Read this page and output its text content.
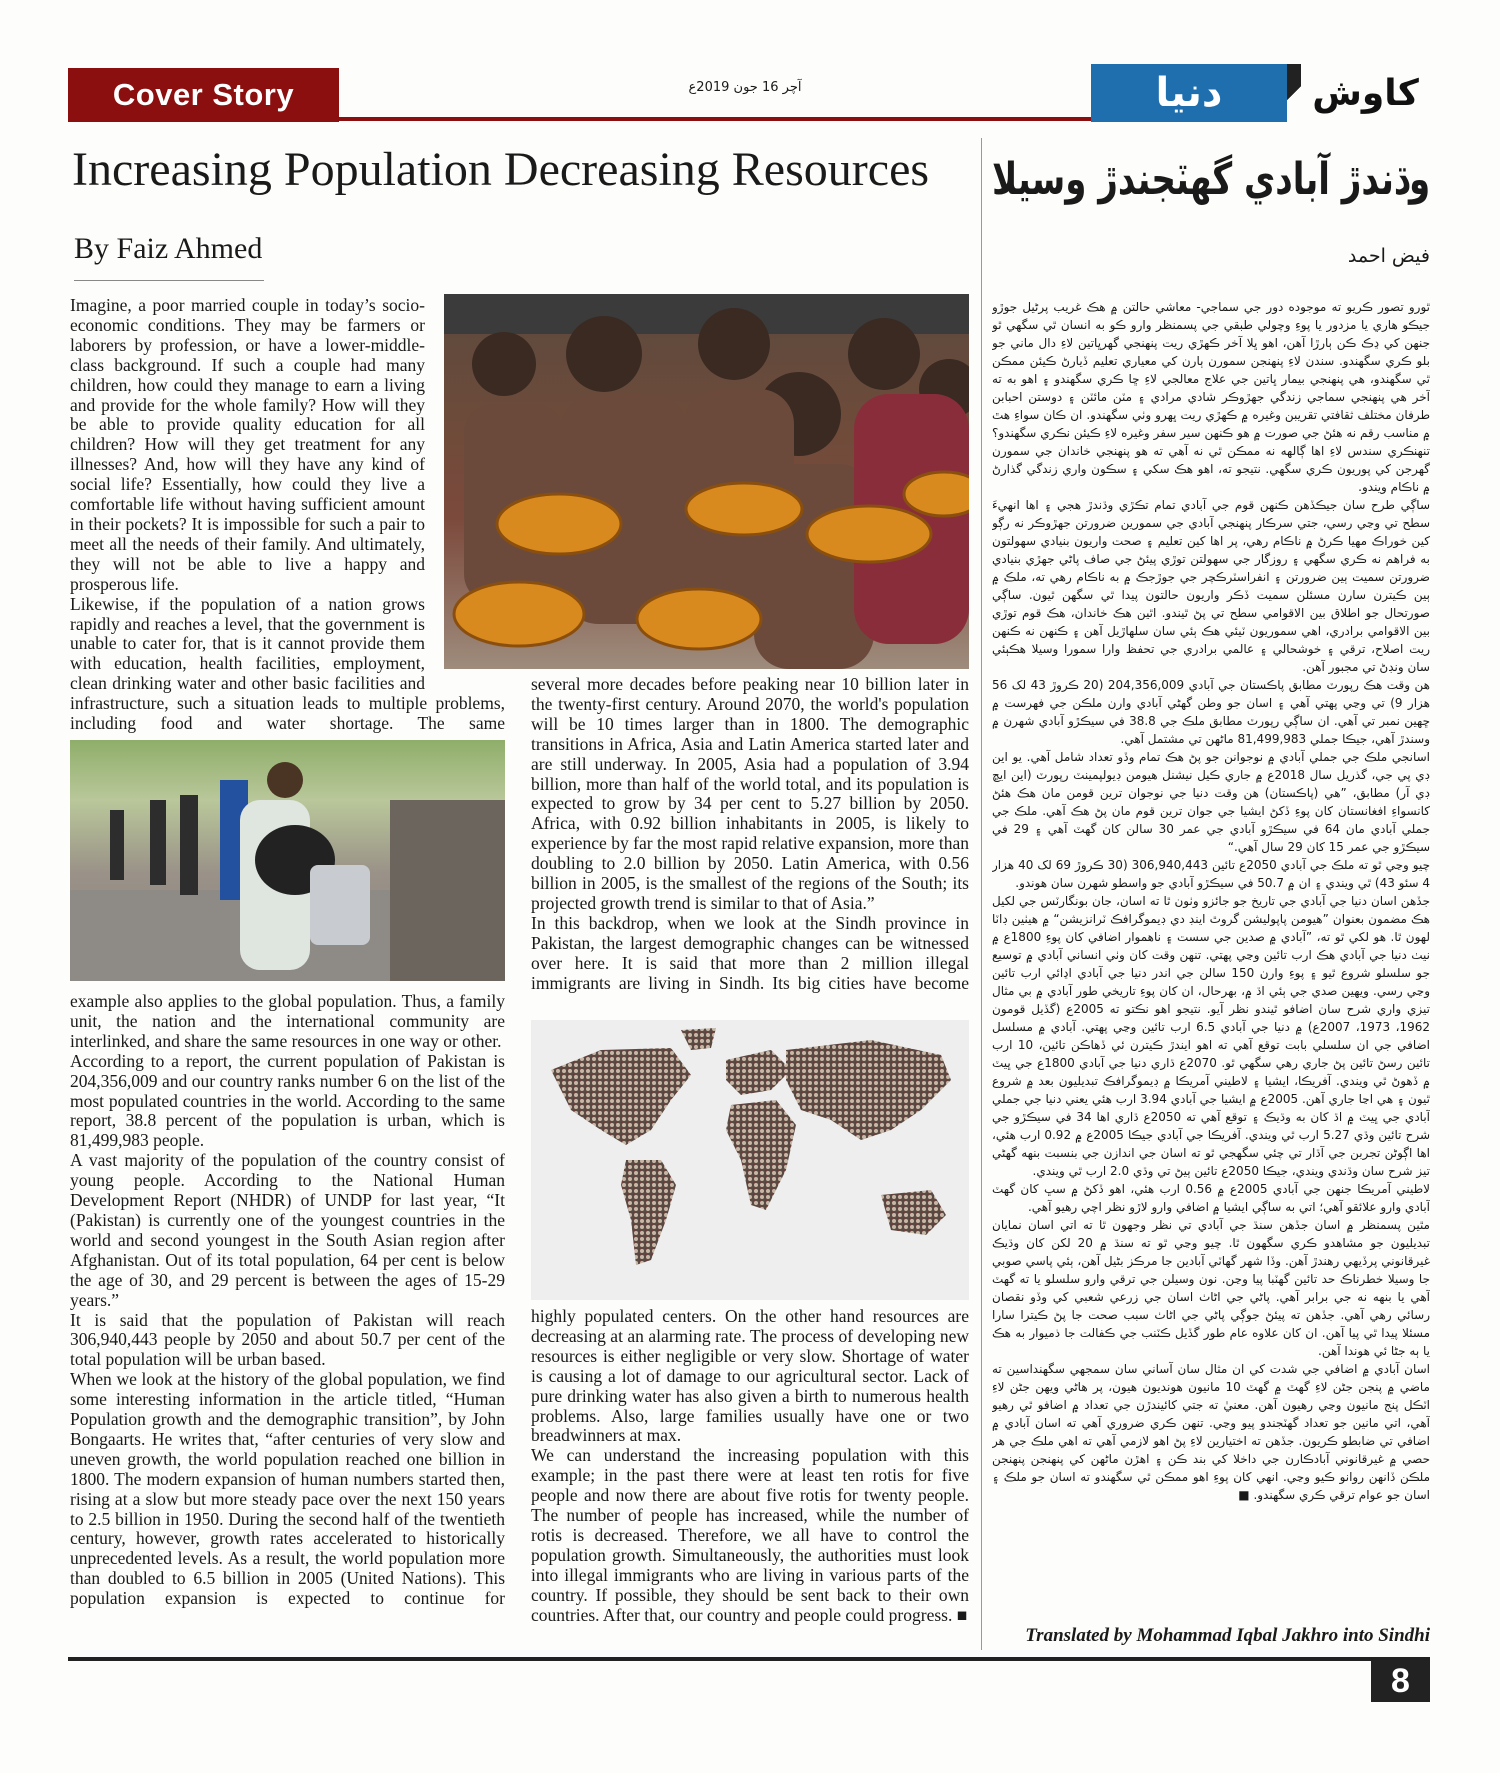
Cover Story	آچر 16 جون 2019ع	دنیا	کاوش
Increasing Population Decreasing Resources
By Faiz Ahmed

Imagine, a poor married couple in today’s socio-economic conditions. They may be farmers or laborers by profession, or have a lower-middle-class background. If such a couple had many children, how could they manage to earn a living and provide for the whole family? How will they be able to provide quality education for all children? How will they get treatment for any illnesses? And, how will they have any kind of social life? Essentially, how could they live a comfortable life without having sufficient amount in their pockets? It is impossible for such a pair to meet all the needs of their family. And ultimately, they will not be able to live a happy and prosperous life.

Likewise, if the population of a nation grows rapidly and reaches a level, that the government is unable to cater for, that is it cannot provide them with education, health facilities, employment, clean drinking water and other basic facilities and infrastructure, such a situation leads to multiple problems, including food and water shortage. The same

example also applies to the global population. Thus, a family unit, the nation and the international community are interlinked, and share the same resources in one way or other.

According to a report, the current population of Pakistan is 204,356,009 and our country ranks number 6 on the list of the most populated countries in the world. According to the same report, 38.8 percent of the population is urban, which is 81,499,983 people.

A vast majority of the population of the country consist of young people. According to the National Human Development Report (NHDR) of UNDP for last year, “It (Pakistan) is currently one of the youngest countries in the world and second youngest in the South Asian region after Afghanistan. Out of its total population, 64 per cent is below the age of 30, and 29 percent is between the ages of 15-29 years.”

It is said that the population of Pakistan will reach 306,940,443 people by 2050 and about 50.7 per cent of the total population will be urban based.

When we look at the history of the global population, we find some interesting information in the article titled, “Human Population growth and the demographic transition”, by John Bongaarts. He writes that, “after centuries of very slow and uneven growth, the world population reached one billion in 1800. The modern expansion of human numbers started then, rising at a slow but more steady pace over the next 150 years to 2.5 billion in 1950. During the second half of the twentieth century, however, growth rates accelerated to historically unprecedented levels. As a result, the world population more than doubled to 6.5 billion in 2005 (United Nations). This population expansion is expected to continue for

several more decades before peaking near 10 billion later in the twenty-first century. Around 2070, the world's population will be 10 times larger than in 1800. The demographic transitions in Africa, Asia and Latin America started later and are still underway. In 2005, Asia had a population of 3.94 billion, more than half of the world total, and its population is expected to grow by 34 per cent to 5.27 billion by 2050. Africa, with 0.92 billion inhabitants in 2005, is likely to experience by far the most rapid relative expansion, more than doubling to 2.0 billion by 2050. Latin America, with 0.56 billion in 2005, is the smallest of the regions of the South; its projected growth trend is similar to that of Asia.”

In this backdrop, when we look at the Sindh province in Pakistan, the largest demographic changes can be witnessed over here. It is said that more than 2 million illegal immigrants are living in Sindh. Its big cities have become

highly populated centers. On the other hand resources are decreasing at an alarming rate. The process of developing new resources is either negligible or very slow. Shortage of water is causing a lot of damage to our agricultural sector. Lack of pure drinking water has also given a birth to numerous health problems. Also, large families usually have one or two breadwinners at max.

We can understand the increasing population with this example; in the past there were at least ten rotis for five people and now there are about five rotis for twenty people. The number of people has increased, while the number of rotis is decreased. Therefore, we all have to control the population growth. Simultaneously, the authorities must look into illegal immigrants who are living in various parts of the country. If possible, they should be sent back to their own countries. After that, our country and people could progress. ■

وڌندڙ آبادي گھٽجندڙ وسيلا
فيض احمد

ٿورو تصور ڪريو ته موجوده دور جي سماجي- معاشي حالتن ۾ هڪ غريب پرڻيل جوڙو جيڪو هاري يا مزدور يا پوءِ وچولي طبقي جي پسمنظر وارو ڪو به انسان ٿي سگهي ٿو جنهن کي ڍڪ ڪن ٻارڙا آهن، اهو ڀلا آخر ڪهڙي ريت پنهنجي گهرڀاتين لاءِ دال ماني جو بلو ڪري سگهندو. سندن لاءِ پنهنجن سمورن ٻارن کي معياري تعليم ڏيارڻ ڪيئن ممڪن ٿي سگهندو، هي پنهنجي بيمار ڀاتين جي علاج معالجي لاءِ ڇا ڪري سگهندو ۽ اهو به ته آخر هي پنهنجي سماجي زندگي جهڙوڪر شادي مرادي ۽ مٽن مائٽن ۽ دوستن احبابن طرفان مختلف ثقافتي تقريبن وغيره ۾ ڪهڙي ريت ڀهرو وٺي سگهندو. ان ڪان سواءِ هٿ ۾ مناسب رقم نه هئڻ جي صورت ۾ هو ڪنهن سير سفر وغيره لاءِ ڪيئن نڪري سگهندو؟ تنهنڪري سندس لاءِ اها ڳالهه نه ممڪن ٿي نه آهي ته هو پنهنجي خاندان جي سمورن گهرجن کي پوريون ڪري سگهي. نتيجو ته، اهو هڪ سکي ۽ سڪون واري زندگي گذارڻ ۾ ناڪام ويندو.

ساڳي طرح سان جيڪڏهن ڪنهن قوم جي آبادي تمام تڪڙي وڌندڙ هجي ۽ اها انهيءَ سطح تي وڃي رسي، جتي سرڪار پنهنجي آبادي جي سمورين ضرورتن جهڙوڪر نه رڳو کين خوراڪ مهيا ڪرڻ ۾ ناڪام رهي، پر اها کين تعليم ۽ صحت واريون بنيادي سهولتون به فراهم نه ڪري سگهي ۽ روزگار جي سهولتن توڙي پيئڻ جي صاف پاڻي جهڙي بنيادي ضرورتن سميت ٻين ضرورتن ۽ انفراسٽرڪچر جي جوڙجڪ ۾ به ناڪام رهي ته، ملڪ ۾ ٻين ڪيترن سارن مسئلن سميت ڏڪر واريون حالتون پيدا ٿي سگهن ٿيون. ساڳي صورتحال جو اطلاق بين الاقوامي سطح تي پڻ ٿيندو. اٿين هڪ خاندان، هڪ قوم توڙي بين الاقوامي برادري، اهي سموريون ٽيئي هڪ ٻئي سان سلهاڙيل آهن ۽ ڪنهن نه ڪنهن ريت اصلاح، ترقي ۽ خوشحالي ۽ عالمي برادري جي تحفظ وارا سمورا وسيلا هڪٻئي سان ونڊڻ تي مجبور آهن.

هن وقت هڪ رپورٽ مطابق پاڪستان جي آبادي 204,356,009 (20 ڪروڙ 43 لک 56 هزار 9) تي وڃي پهتي آهي ۽ اسان جو وطن گهڻي آبادي وارن ملڪن جي فهرست ۾ ڇهين نمبر تي آهي. ان ساڳي رپورٽ مطابق ملڪ جي 38.8 في سيڪڙو آبادي شهرن ۾ وسندڙ آهي، جيڪا جملي 81,499,983 ماڻهن تي مشتمل آهي.

اسانجي ملڪ جي جملي آبادي ۾ نوجوانن جو پڻ هڪ تمام وڏو تعداد شامل آهي. يو اين ڊي پي جي، گذريل سال 2018ع ۾ جاري ڪيل نيشنل هيومن ڊيولپمينٽ رپورٽ (اين ايڇ ڊي آر) مطابق، ”هي (پاڪستان) هن وقت دنيا جي نوجوان ترين قومن مان هڪ هئڻ کانسواءِ افغانستان کان پوءِ ڏکڻ ايشيا جي جوان ترين قوم مان پڻ هڪ آهي. ملڪ جي جملي آبادي مان 64 في سيڪڙو آبادي جي عمر 30 سالن کان گهٽ آهي ۽ 29 في سيڪڙو جي عمر 15 کان 29 سال آهي.“

چيو وڃي ٿو ته ملڪ جي آبادي 2050ع تائين 306,940,443 (30 ڪروڙ 69 لک 40 هزار 4 سئو 43) ٿي ويندي ۽ ان ۾ 50.7 في سيڪڙو آبادي جو واسطو شهرن سان هوندو.

جڏهن اسان دنيا جي آبادي جي تاريخ جو جائزو وٺون ٿا ته اسان، جان بونگارٽس جي لکيل هڪ مضمون بعنوان ”هيومن پاپوليشن گروٿ اينڊ دي ڊيموگرافڪ ٽرانزيشن“ ۾ هيٺين ڊاٽا لهون ٿا. هو لکي ٿو ته، ”آبادي ۾ صدين جي سست ۽ ناهموار اضافي کان پوءِ 1800ع ۾ نيٺ دنيا جي آبادي هڪ ارب تائين وڃي پهتي. تنهن وقت کان وٺي انساني آبادي ۾ توسيع جو سلسلو شروع ٿيو ۽ پوءِ وارن 150 سالن جي اندر دنيا جي آبادي اڍائي ارب تائين وڃي رسي. ويهين صدي جي ٻئي اڌ ۾، بهرحال، ان کان پوءِ تاريخي طور آبادي ۾ بي مثال تيزي واري شرح سان اضافو ٿيندو نظر آيو. نتيجو اهو نڪتو ته 2005ع (گڏيل قومون 1962، 1973، 2007ع) ۾ دنيا جي آبادي 6.5 ارب تائين وڃي پهتي. آبادي ۾ مسلسل اضافي جي ان سلسلي بابت توقع آهي ته اهو ايندڙ ڪيترن ئي ڏهاڪن تائين، 10 ارب تائين رسڻ تائين پڻ جاري رهي سگهي ٿو. 2070ع ڌاري دنيا جي آبادي 1800ع جي ڀيٽ ۾ ڏهوڻ ٿي ويندي. آفريڪا، ايشيا ۽ لاطيني آمريڪا ۾ ڊيموگرافڪ تبديليون بعد ۾ شروع ٿيون ۽ هي اڃا جاري آهن. 2005ع ۾ ايشيا جي آبادي 3.94 ارب هئي يعني دنيا جي جملي آبادي جي ڀيٽ ۾ اڌ کان به وڌيڪ ۽ توقع آهي ته 2050ع ڌاري اها 34 في سيڪڙو جي شرح تائين وڌي 5.27 ارب ٿي ويندي. آفريڪا جي آبادي جيڪا 2005ع ۾ 0.92 ارب هئي، اها اڳوڻن تجربن جي آڌار تي چئي سگهجي ٿو ته اسان جي اندازن جي بنسبت بنهه گهڻي تيز شرح سان وڌندي ويندي، جيڪا 2050ع تائين ٻيڻ تي وڌي 2.0 ارب ٿي ويندي.

لاطيني آمريڪا جنهن جي آبادي 2005ع ۾ 0.56 ارب هئي، اهو ڏکڻ ۾ سڀ کان گهٽ آبادي وارو علائقو آهي؛ اتي به ساڳي ايشيا ۾ اضافي وارو لاڙو نظر اچي رهيو آهي.

مٿين پسمنظر ۾ اسان جڏهن سنڌ جي آبادي تي نظر وجهون ٿا ته اتي اسان نمايان تبديليون جو مشاهدو ڪري سگهون ٿا. چيو وڃي ٿو ته سنڌ ۾ 20 لکن کان وڌيڪ غيرقانوني پرڏيهي رهندڙ آهن. وڏا شهر گهاٽي آبادين جا مرڪز بڻيل آهن، ٻئي پاسي صوبي جا وسيلا خطرناڪ حد تائين گهٽبا پيا وڃن. نون وسيلن جي ترقي وارو سلسلو يا ته گهٽ آهي يا بنهه نه جي برابر آهي. پاڻي جي اڻاٺ اسان جي زرعي شعبي کي وڏو نقصان رسائي رهي آهي. جڏهن ته پيئڻ جوڳي پاڻي جي اڻاٺ سبب صحت جا پڻ ڪيترا سارا مسئلا پيدا ٿي پيا آهن. ان کان علاوه عام طور گڏيل ڪٽنب جي ڪفالت جا ذميوار به هڪ يا ٻه جڻا ئي هوندا آهن.

اسان آبادي ۾ اضافي جي شدت کي ان مثال سان آساني سان سمجهي سگهنداسين ته ماضي ۾ پنجن جڻن لاءِ گهٽ ۾ گهٽ 10 مانيون هونديون هيون، پر هاڻي ويهن جڻن لاءِ اٽڪل پنج مانيون وڃي رهيون آهن. معنيٰ ته جتي کائيندڙن جي تعداد ۾ اضافو ٿي رهيو آهي، اتي مانين جو تعداد گهٽجندو پيو وڃي. تنهن ڪري ضروري آهي ته اسان آبادي ۾ اضافي تي ضابطو ڪريون. جڏهن ته اختيارين لاءِ پڻ اهو لازمي آهي ته اهي ملڪ جي هر حصي ۾ غيرقانوني آبادڪارن جي داخلا کي بند ڪن ۽ اهڙن ماڻهن کي پنهنجن پنهنجن ملڪن ڏانهن روانو ڪيو وڃي. انهي کان پوءِ اهو ممڪن ٿي سگهندو ته اسان جو ملڪ ۽ اسان جو عوام ترقي ڪري سگهندو. ■

Translated by Mohammad Iqbal Jakhro into Sindhi
8
